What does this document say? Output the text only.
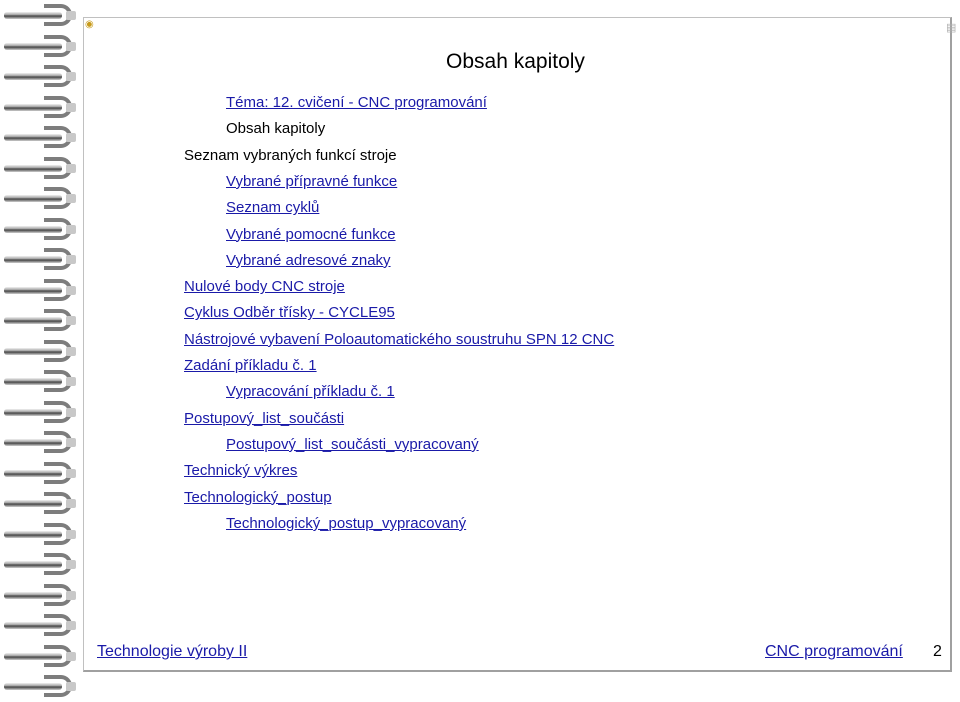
◉	▤
Obsah kapitoly
Téma: 12. cvičení - CNC programování
Obsah kapitoly
Seznam vybraných funkcí stroje
Vybrané přípravné funkce
Seznam cyklů
Vybrané pomocné funkce
Vybrané adresové znaky
Nulové body CNC stroje
Cyklus Odběr třísky - CYCLE95
Nástrojové vybavení Poloautomatického soustruhu SPN 12 CNC
Zadání příkladu č. 1
Vypracování příkladu č. 1
Postupový_list_součásti
Postupový_list_součásti_vypracovaný
Technický výkres
Technologický_postup
Technologický_postup_vypracovaný
Technologie výroby II	CNC programování 2
